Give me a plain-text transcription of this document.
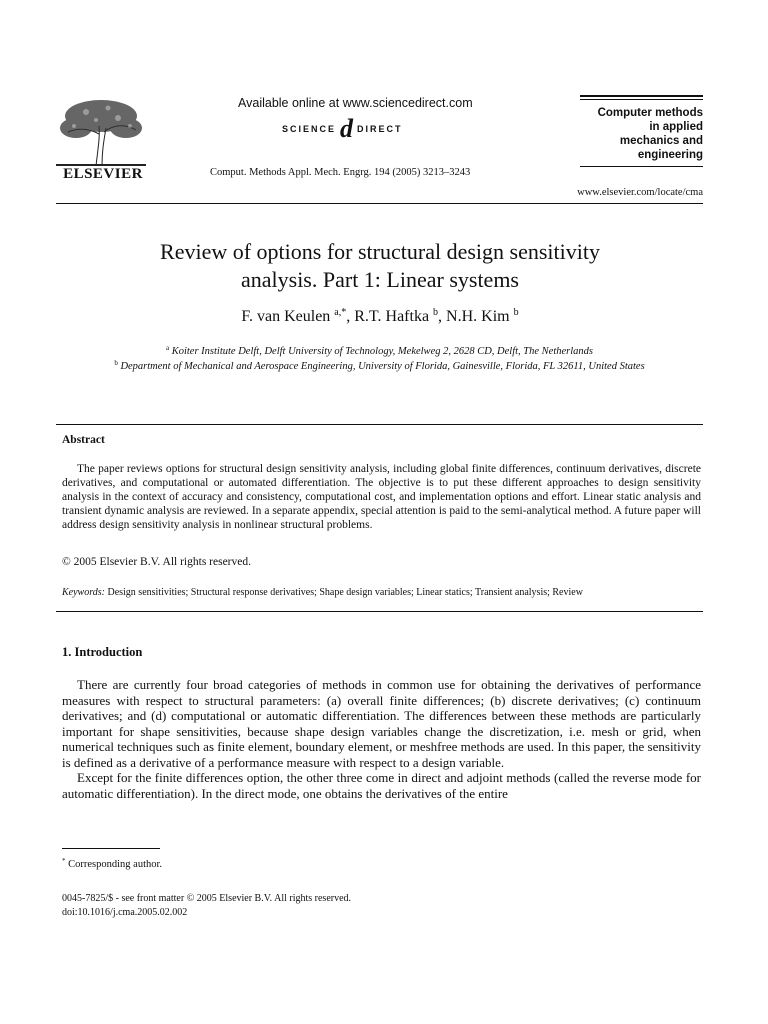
ELSEVIER
Available online at www.sciencedirect.com
SCIENCE d DIRECT
Comput. Methods Appl. Mech. Engrg. 194 (2005) 3213–3243
Computer methods
in applied
mechanics and
engineering
www.elsevier.com/locate/cma
Review of options for structural design sensitivity
analysis. Part 1: Linear systems
F. van Keulen $^{a,*}$, R.T. Haftka $^b$, N.H. Kim $^b$
$^a$ Koiter Institute Delft, Delft University of Technology, Mekelweg 2, 2628 CD, Delft, The Netherlands
$^b$ Department of Mechanical and Aerospace Engineering, University of Florida, Gainesville, Florida, FL 32611, United States
Abstract

The paper reviews options for structural design sensitivity analysis, including global finite differences, continuum derivatives, discrete derivatives, and computational or automated differentiation. The objective is to put these different approaches to design sensitivity analysis in the context of accuracy and consistency, computational cost, and implementation options and effort. Linear static analysis and transient dynamic analysis are reviewed. In a separate appendix, special attention is paid to the semi-analytical method. A future paper will address design sensitivity analysis in nonlinear structural problems.

© 2005 Elsevier B.V. All rights reserved.
Keywords: Design sensitivities; Structural response derivatives; Shape design variables; Linear statics; Transient analysis; Review
1. Introduction

There are currently four broad categories of methods in common use for obtaining the derivatives of performance measures with respect to structural parameters: (a) overall finite differences; (b) discrete derivatives; (c) continuum derivatives; and (d) computational or automatic differentiation. The differences between these methods are particularly important for shape sensitivities, because shape design variables change the discretization, i.e. mesh or grid, when numerical techniques such as finite element, boundary element, or meshfree methods are used. In this paper, the sensitivity is defined as a derivative of a performance measure with respect to a design variable.

Except for the finite differences option, the other three come in direct and adjoint methods (called the reverse mode for automatic differentiation). In the direct mode, one obtains the derivatives of the entire

* Corresponding author.
0045-7825/$ - see front matter © 2005 Elsevier B.V. All rights reserved.
doi:10.1016/j.cma.2005.02.002
